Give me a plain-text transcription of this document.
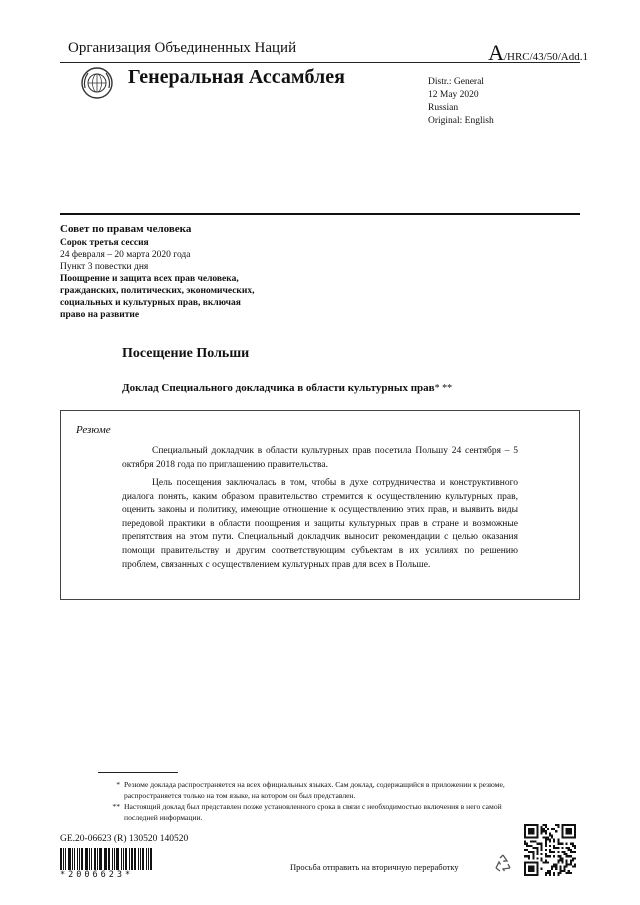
Организация Объединенных Наций	A/HRC/43/50/Add.1
Генеральная Ассамблея	Distr.: General
12 May 2020
Russian
Original: English
Совет по правам человека
Сорок третья сессия
24 февраля – 20 марта 2020 года
Пункт 3 повестки дня
Поощрение и защита всех прав человека,
гражданских, политических, экономических,
социальных и культурных прав, включая
право на развитие
Посещение Польши
Доклад Специального докладчика в области культурных прав* **
Резюме
Специальный докладчик в области культурных прав посетила Польшу 24 сентября – 5 октября 2018 года по приглашению правительства.
Цель посещения заключалась в том, чтобы в духе сотрудничества и конструктивного диалога понять, каким образом правительство стремится к осуществлению культурных прав, оценить законы и политику, имеющие отношение к осуществлению этих прав, и выявить виды передовой практики в области поощрения и защиты культурных прав в стране и возможные препятствия на этом пути. Специальный докладчик выносит рекомендации с целью оказания помощи правительству и другим соответствующим субъектам в их усилиях по решению проблем, связанных с осуществлением культурных прав для всех в Польше.
* Резюме доклада распространяется на всех официальных языках. Сам доклад, содержащийся в приложении к резюме, распространяется только на том языке, на котором он был представлен.
** Настоящий доклад был представлен позже установленного срока в связи с необходимостью включения в него самой последней информации.
GE.20-06623 (R) 130520 140520
*2006623*
Просьба отправить на вторичную переработку
